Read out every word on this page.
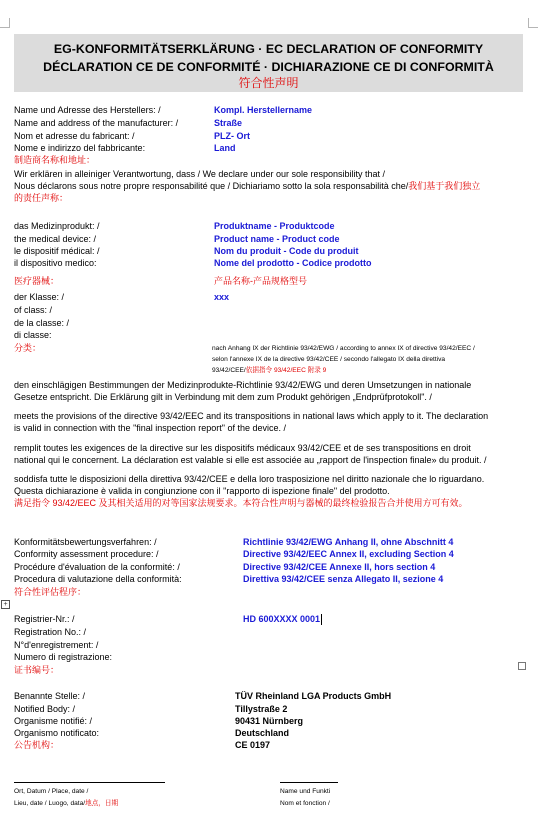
EG-KONFORMITÄTSERKLÄRUNG · EC DECLARATION OF CONFORMITY
DÉCLARATION CE DE CONFORMITÉ · DICHIARAZIONE CE DI CONFORMITÀ
符合性声明
Name und Adresse des Herstellers: /
Name and address of the manufacturer: /
Nom et adresse du fabricant: /
Nome e indirizzo del fabbricante:
制造商名称和地址：
Kompl. Herstellername
Straße
PLZ- Ort
Land
Wir erklären in alleiniger Verantwortung, dass / We declare under our sole responsibility that /
Nous déclarons sous notre propre responsabilité que / Dichiariamo sotto la sola responsabilità che/我们基于我们独立
的责任声称：
das Medizinprodukt: /
the medical device: /
le dispositif médical: /
il dispositivo medico:
医疗器械：
Produktname - Produktcode
Product name - Product code
Nom du produit - Code du produit
Nome del prodotto - Codice prodotto
产品名称-产品规格型号
der Klasse: /
of class: /
de la classe: /
di classe:
分类：
xxx
nach Anhang IX der Richtlinie 93/42/EWG / according to annex IX of directive 93/42/EEC /
selon l'annexe IX de la directive 93/42/CEE / secondo l'allegato IX della direttiva
93/42/CEE/依据指令 93/42/EEC 附录 9
den einschlägigen Bestimmungen der Medizinprodukte-Richtlinie 93/42/EWG und deren Umsetzungen in nationale
Gesetze entspricht. Die Erklärung gilt in Verbindung mit dem zum Produkt gehörigen „Endprüfprotokoll". /
meets the provisions of the directive 93/42/EEC and its transpositions in national laws which apply to it. The declaration
is valid in connection with the "final inspection report" of the device. /
remplit toutes les exigences de la directive sur les dispositifs médicaux 93/42/CEE et de ses transpositions en droit
national qui le concernent. La déclaration est valable si elle est associée au „rapport de l'inspection finale» du produit. /
soddisfa tutte le disposizioni della direttiva 93/42/CEE e della loro trasposizione nel diritto nazionale che lo riguardano.
Questa dichiarazione è valida in congiunzione con il "rapporto di ispezione finale" del prodotto.
满足指令 93/42/EEC 及其相关适用的对等国家法规要求。本符合性声明与器械的最终检验报告合并使用方可有效。
Konformitätsbewertungsverfahren: /
Conformity assessment procedure: /
Procédure d'évaluation de la conformité: /
Procedura di valutazione della conformità:
符合性评估程序：
Richtlinie 93/42/EWG Anhang II, ohne Abschnitt 4
Directive 93/42/EEC Annex II, excluding Section 4
Directive 93/42/CEE Annexe II, hors section 4
Direttiva 93/42/CEE senza Allegato II, sezione 4
+
Registrier-Nr.: /
Registration No.: /
N°d'enregistrement: /
Numero di registrazione:
证书编号：
HD 600XXXX 0001
Benannte Stelle: /
Notified Body: /
Organisme notifié: /
Organismo notificato:
公告机构：
TÜV Rheinland LGA Products GmbH
Tillystraße 2
90431 Nürnberg
Deutschland
CE 0197
Ort, Datum / Place, date /
Lieu, date / Luogo, data/地点，日期
Name und Funkti
Nom et fonction /
